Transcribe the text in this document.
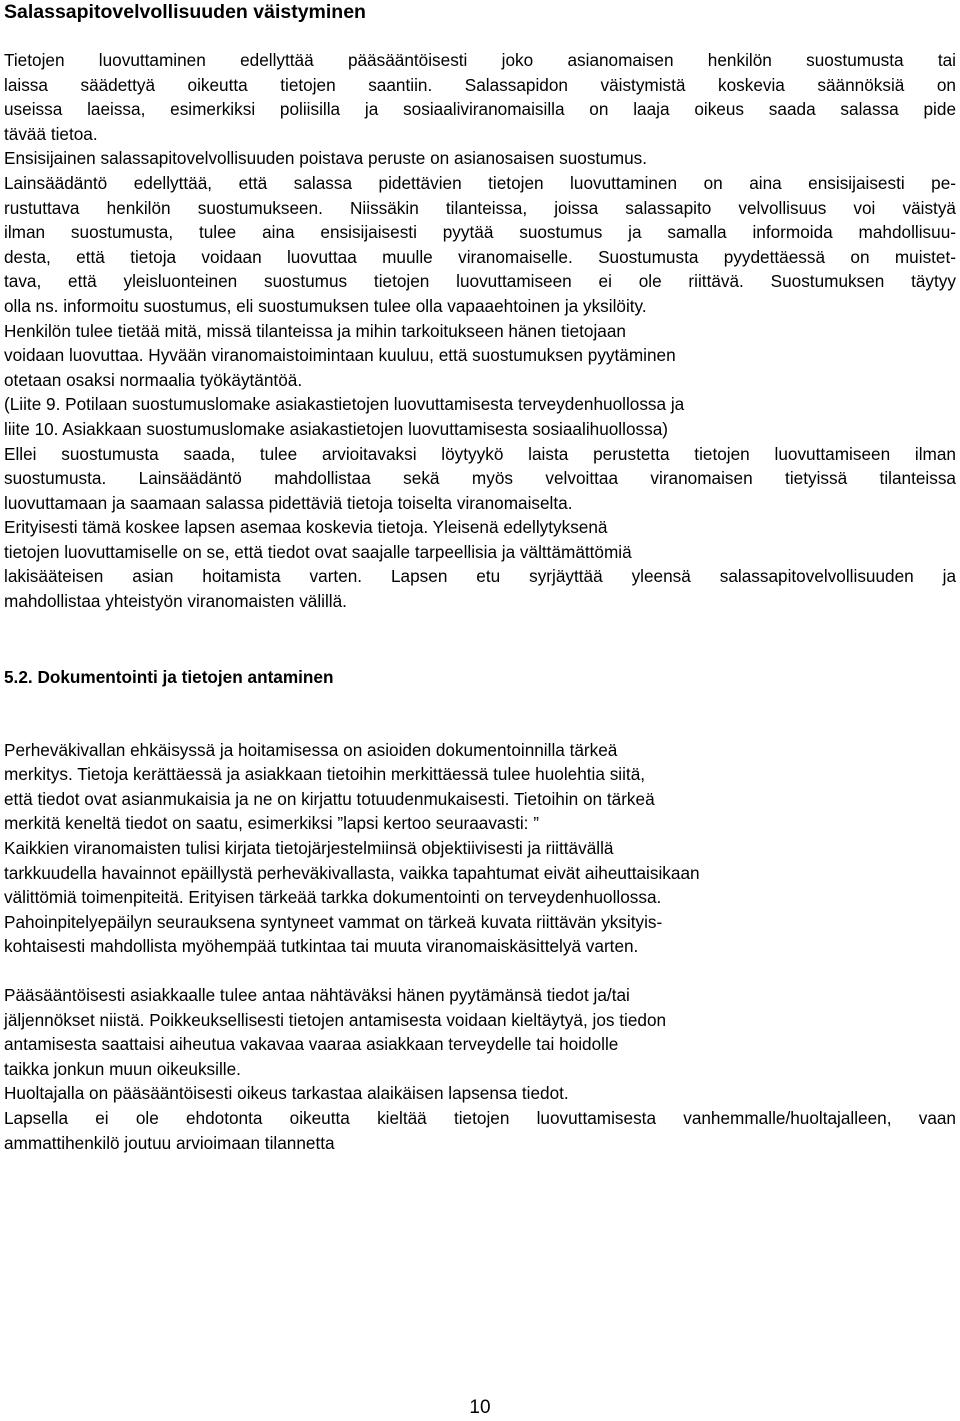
Salassapitovelvollisuuden väistyminen
Tietojen luovuttaminen edellyttää pääsääntöisesti joko asianomaisen henkilön suostumusta tai
laissa säädettyä oikeutta tietojen saantiin. Salassapidon väistymistä koskevia säännöksiä on
useissa laeissa, esimerkiksi poliisilla ja sosiaaliviranomaisilla on laaja oikeus saada salassa pide
tävää tietoa.
Ensisijainen salassapitovelvollisuuden poistava peruste on asianosaisen suostumus.
Lainsäädäntö edellyttää, että salassa pidettävien tietojen luovuttaminen on aina ensisijaisesti pe-
rustuttava henkilön suostumukseen. Niissäkin tilanteissa, joissa salassapito velvollisuus voi väistyä
ilman suostumusta, tulee aina ensisijaisesti pyytää suostumus ja samalla informoida mahdollisuu-
desta, että tietoja voidaan luovuttaa muulle viranomaiselle. Suostumusta pyydettäessä on muistet-
tava, että yleisluonteinen suostumus tietojen luovuttamiseen ei ole riittävä. Suostumuksen täytyy
olla ns. informoitu suostumus, eli suostumuksen tulee olla vapaaehtoinen ja yksilöity.
Henkilön tulee tietää mitä, missä tilanteissa ja mihin tarkoitukseen hänen tietojaan
voidaan luovuttaa. Hyvään viranomaistoimintaan kuuluu, että suostumuksen pyytäminen
otetaan osaksi normaalia työkäytäntöä.
(Liite 9. Potilaan suostumuslomake asiakastietojen luovuttamisesta terveydenhuollossa ja
liite 10. Asiakkaan suostumuslomake asiakastietojen luovuttamisesta sosiaalihuollossa)
Ellei suostumusta saada, tulee arvioitavaksi löytyykö laista perustetta tietojen luovuttamiseen ilman
suostumusta. Lainsäädäntö mahdollistaa sekä myös velvoittaa viranomaisen tietyissä tilanteissa
luovuttamaan ja saamaan salassa pidettäviä tietoja toiselta viranomaiselta.
Erityisesti tämä koskee lapsen asemaa koskevia tietoja. Yleisenä edellytyksenä
tietojen luovuttamiselle on se, että tiedot ovat saajalle tarpeellisia ja välttämättömiä
lakisääteisen asian hoitamista varten. Lapsen etu syrjäyttää yleensä salassapitovelvollisuuden ja
mahdollistaa yhteistyön viranomaisten välillä.
5.2. Dokumentointi ja tietojen antaminen
Perheväkivallan ehkäisyssä ja hoitamisessa on asioiden dokumentoinnilla tärkeä
merkitys. Tietoja kerättäessä ja asiakkaan tietoihin merkittäessä tulee huolehtia siitä,
että tiedot ovat asianmukaisia ja ne on kirjattu totuudenmukaisesti. Tietoihin on tärkeä
merkitä keneltä tiedot on saatu, esimerkiksi ”lapsi kertoo seuraavasti: ”
Kaikkien viranomaisten tulisi kirjata tietojärjestelmiinsä objektiivisesti ja riittävällä
tarkkuudella havainnot epäillystä perheväkivallasta, vaikka tapahtumat eivät aiheuttaisikaan
välittömiä toimenpiteitä. Erityisen tärkeää tarkka dokumentointi on terveydenhuollossa.
Pahoinpitelyepäilyn seurauksena syntyneet vammat on tärkeä kuvata riittävän yksityis-
kohtaisesti mahdollista myöhempää tutkintaa tai muuta viranomaiskäsittelyä varten.
Pääsääntöisesti asiakkaalle tulee antaa nähtäväksi hänen pyytämänsä tiedot ja/tai
jäljennökset niistä. Poikkeuksellisesti tietojen antamisesta voidaan kieltäytyä, jos tiedon
antamisesta saattaisi aiheutua vakavaa vaaraa asiakkaan terveydelle tai hoidolle
taikka jonkun muun oikeuksille.
Huoltajalla on pääsääntöisesti oikeus tarkastaa alaikäisen lapsensa tiedot.
Lapsella ei ole ehdotonta oikeutta kieltää tietojen luovuttamisesta vanhemmalle/huoltajalleen, vaan
ammattihenkilö joutuu arvioimaan tilannetta
10
